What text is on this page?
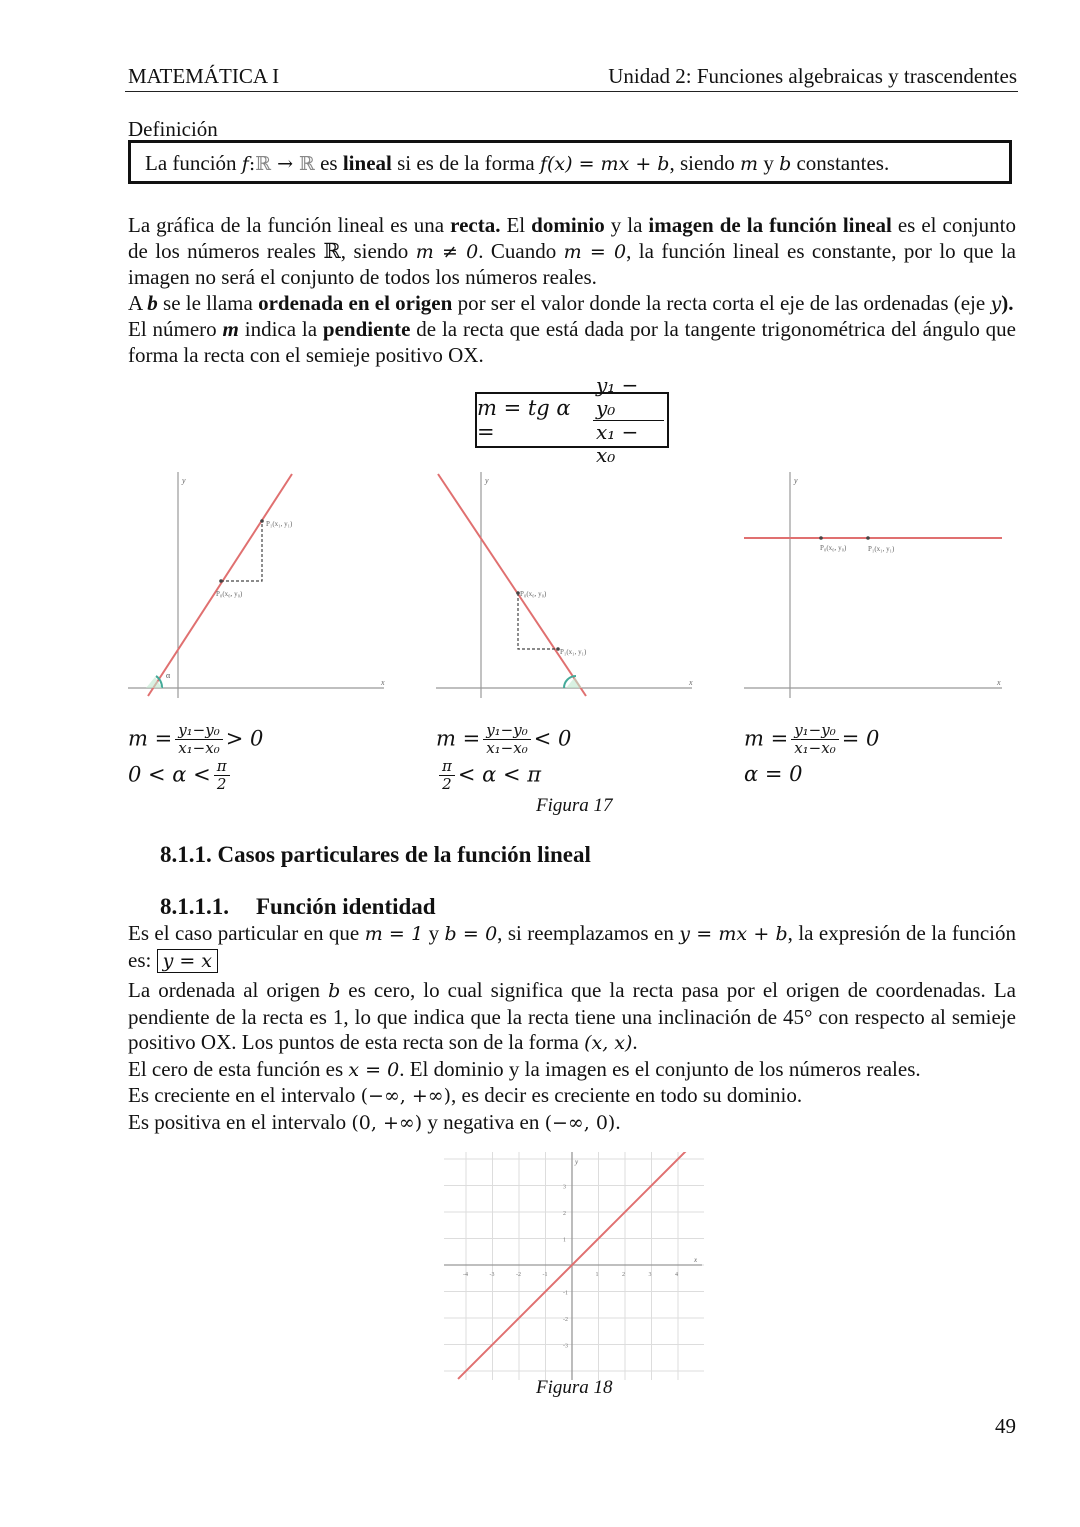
MATEMÁTICA I	Unidad 2: Funciones algebraicas y trascendentes
Definición
La función f:ℝ → ℝ es lineal si es de la forma f(x) = mx + b, siendo m y b constantes.

La gráfica de la función lineal es una recta. El dominio y la imagen de la función lineal es el conjunto de los números reales ℝ, siendo m ≠ 0. Cuando m = 0, la función lineal es constante, por lo que la imagen no será el conjunto de todos los números reales.

A b se le llama ordenada en el origen por ser el valor donde la recta corta el eje de las ordenadas (eje y).

El número m indica la pendiente de la recta que está dada por la tangente trigonométrica del ángulo que forma la recta con el semieje positivo OX.

m = tg α =	$\frac{\text{y₁ − y₀}}{\text{x₁ − x₀}}$
x
y
P₁(x₁, y₁)
P₀(x₀, y₀)
α
x
y
P₀(x₀, y₀)
P₁(x₁, y₁)
x
y
P₀(x₀, y₀)	P₁(x₁, y₁)
$m = \frac{\text{y₁−y₀}}{\text{x₁−x₀}} > 0$
$0 < \alpha < \frac{\pi}{2}$
$m = \frac{\text{y₁−y₀}}{\text{x₁−x₀}} < 0$
$\frac{\pi}{2} < \alpha < \pi$
$m = \frac{\text{y₁−y₀}}{\text{x₁−x₀}} = 0$
α = 0
Figura 17
8.1.1. Casos particulares de la función lineal
8.1.1.1. Función identidad

Es el caso particular en que m = 1 y b = 0, si reemplazamos en y = mx + b, la expresión de la función es: y = x

La ordenada al origen b es cero, lo cual significa que la recta pasa por el origen de coordenadas. La pendiente de la recta es 1, lo que indica que la recta tiene una inclinación de 45° con respecto al semieje positivo OX. Los puntos de esta recta son de la forma (x, x).

El cero de esta función es x = 0. El dominio y la imagen es el conjunto de los números reales.

Es creciente en el intervalo (−∞, +∞), es decir es creciente en todo su dominio.

Es positiva en el intervalo (0, +∞) y negativa en (−∞, 0).

-4	-3	-2	-1	1	2	3	4
3
2
1
-1
-2
-3
x
y
Figura 18
49
